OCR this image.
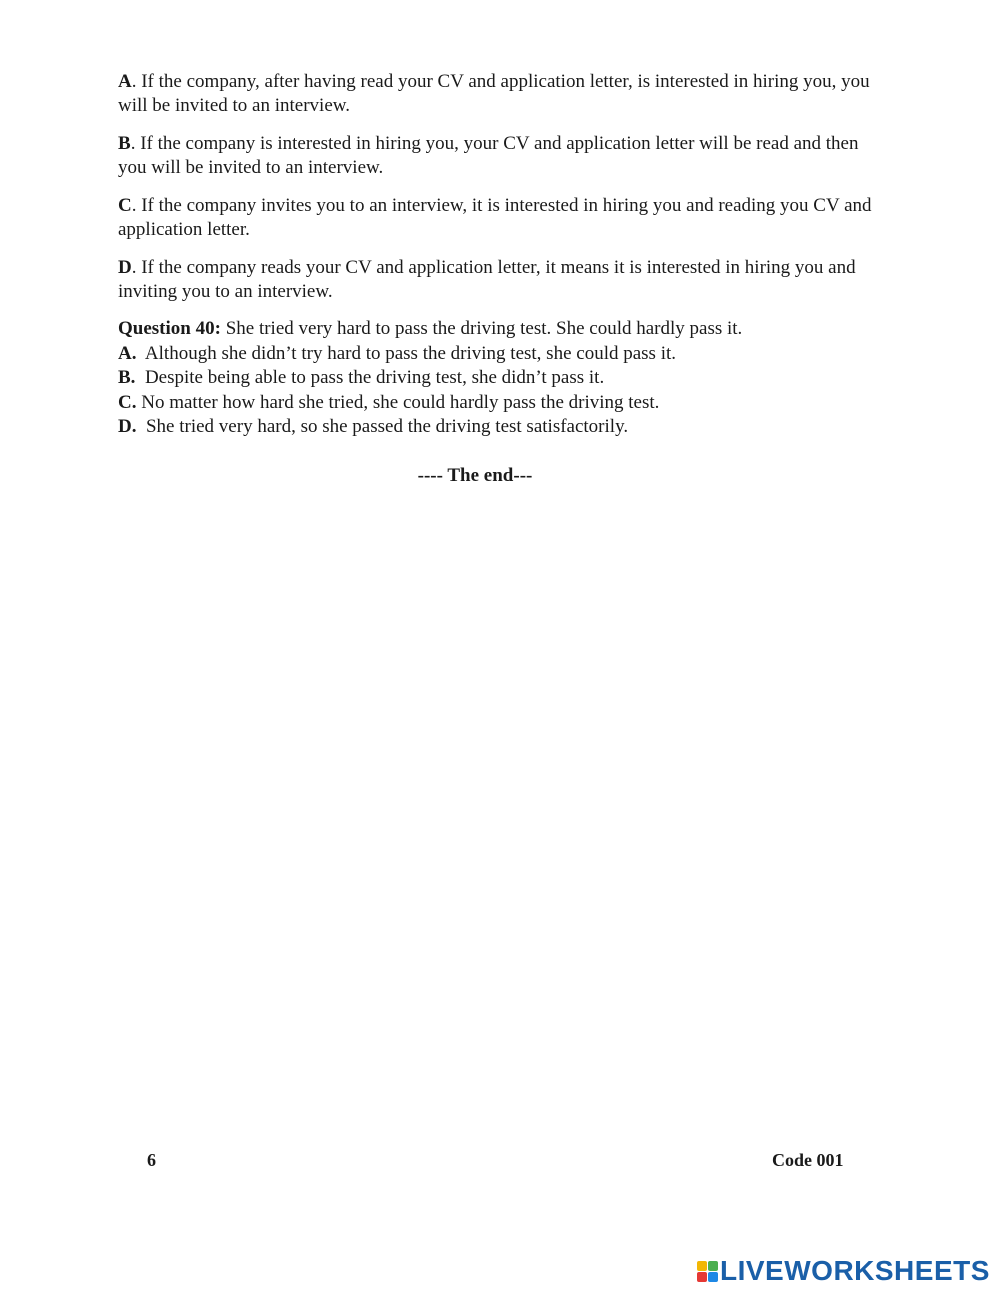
A. If the company, after having read your CV and application letter, is interested in hiring you, you will be invited to an interview.

B. If the company is interested in hiring you, your CV and application letter will be read and then you will be invited to an interview.

C. If the company invites you to an interview, it is interested in hiring you and reading you CV and application letter.

D. If the company reads your CV and application letter, it means it is interested in hiring you and inviting you to an interview.

Question 40: She tried very hard to pass the driving test. She could hardly pass it.
A.  Although she didn’t try hard to pass the driving test, she could pass it.
B.  Despite being able to pass the driving test, she didn’t pass it.
C. No matter how hard she tried, she could hardly pass the driving test.
D.  She tried very hard, so she passed the driving test satisfactorily.
---- The end---
6	Code 001
LIVEWORKSHEETS
